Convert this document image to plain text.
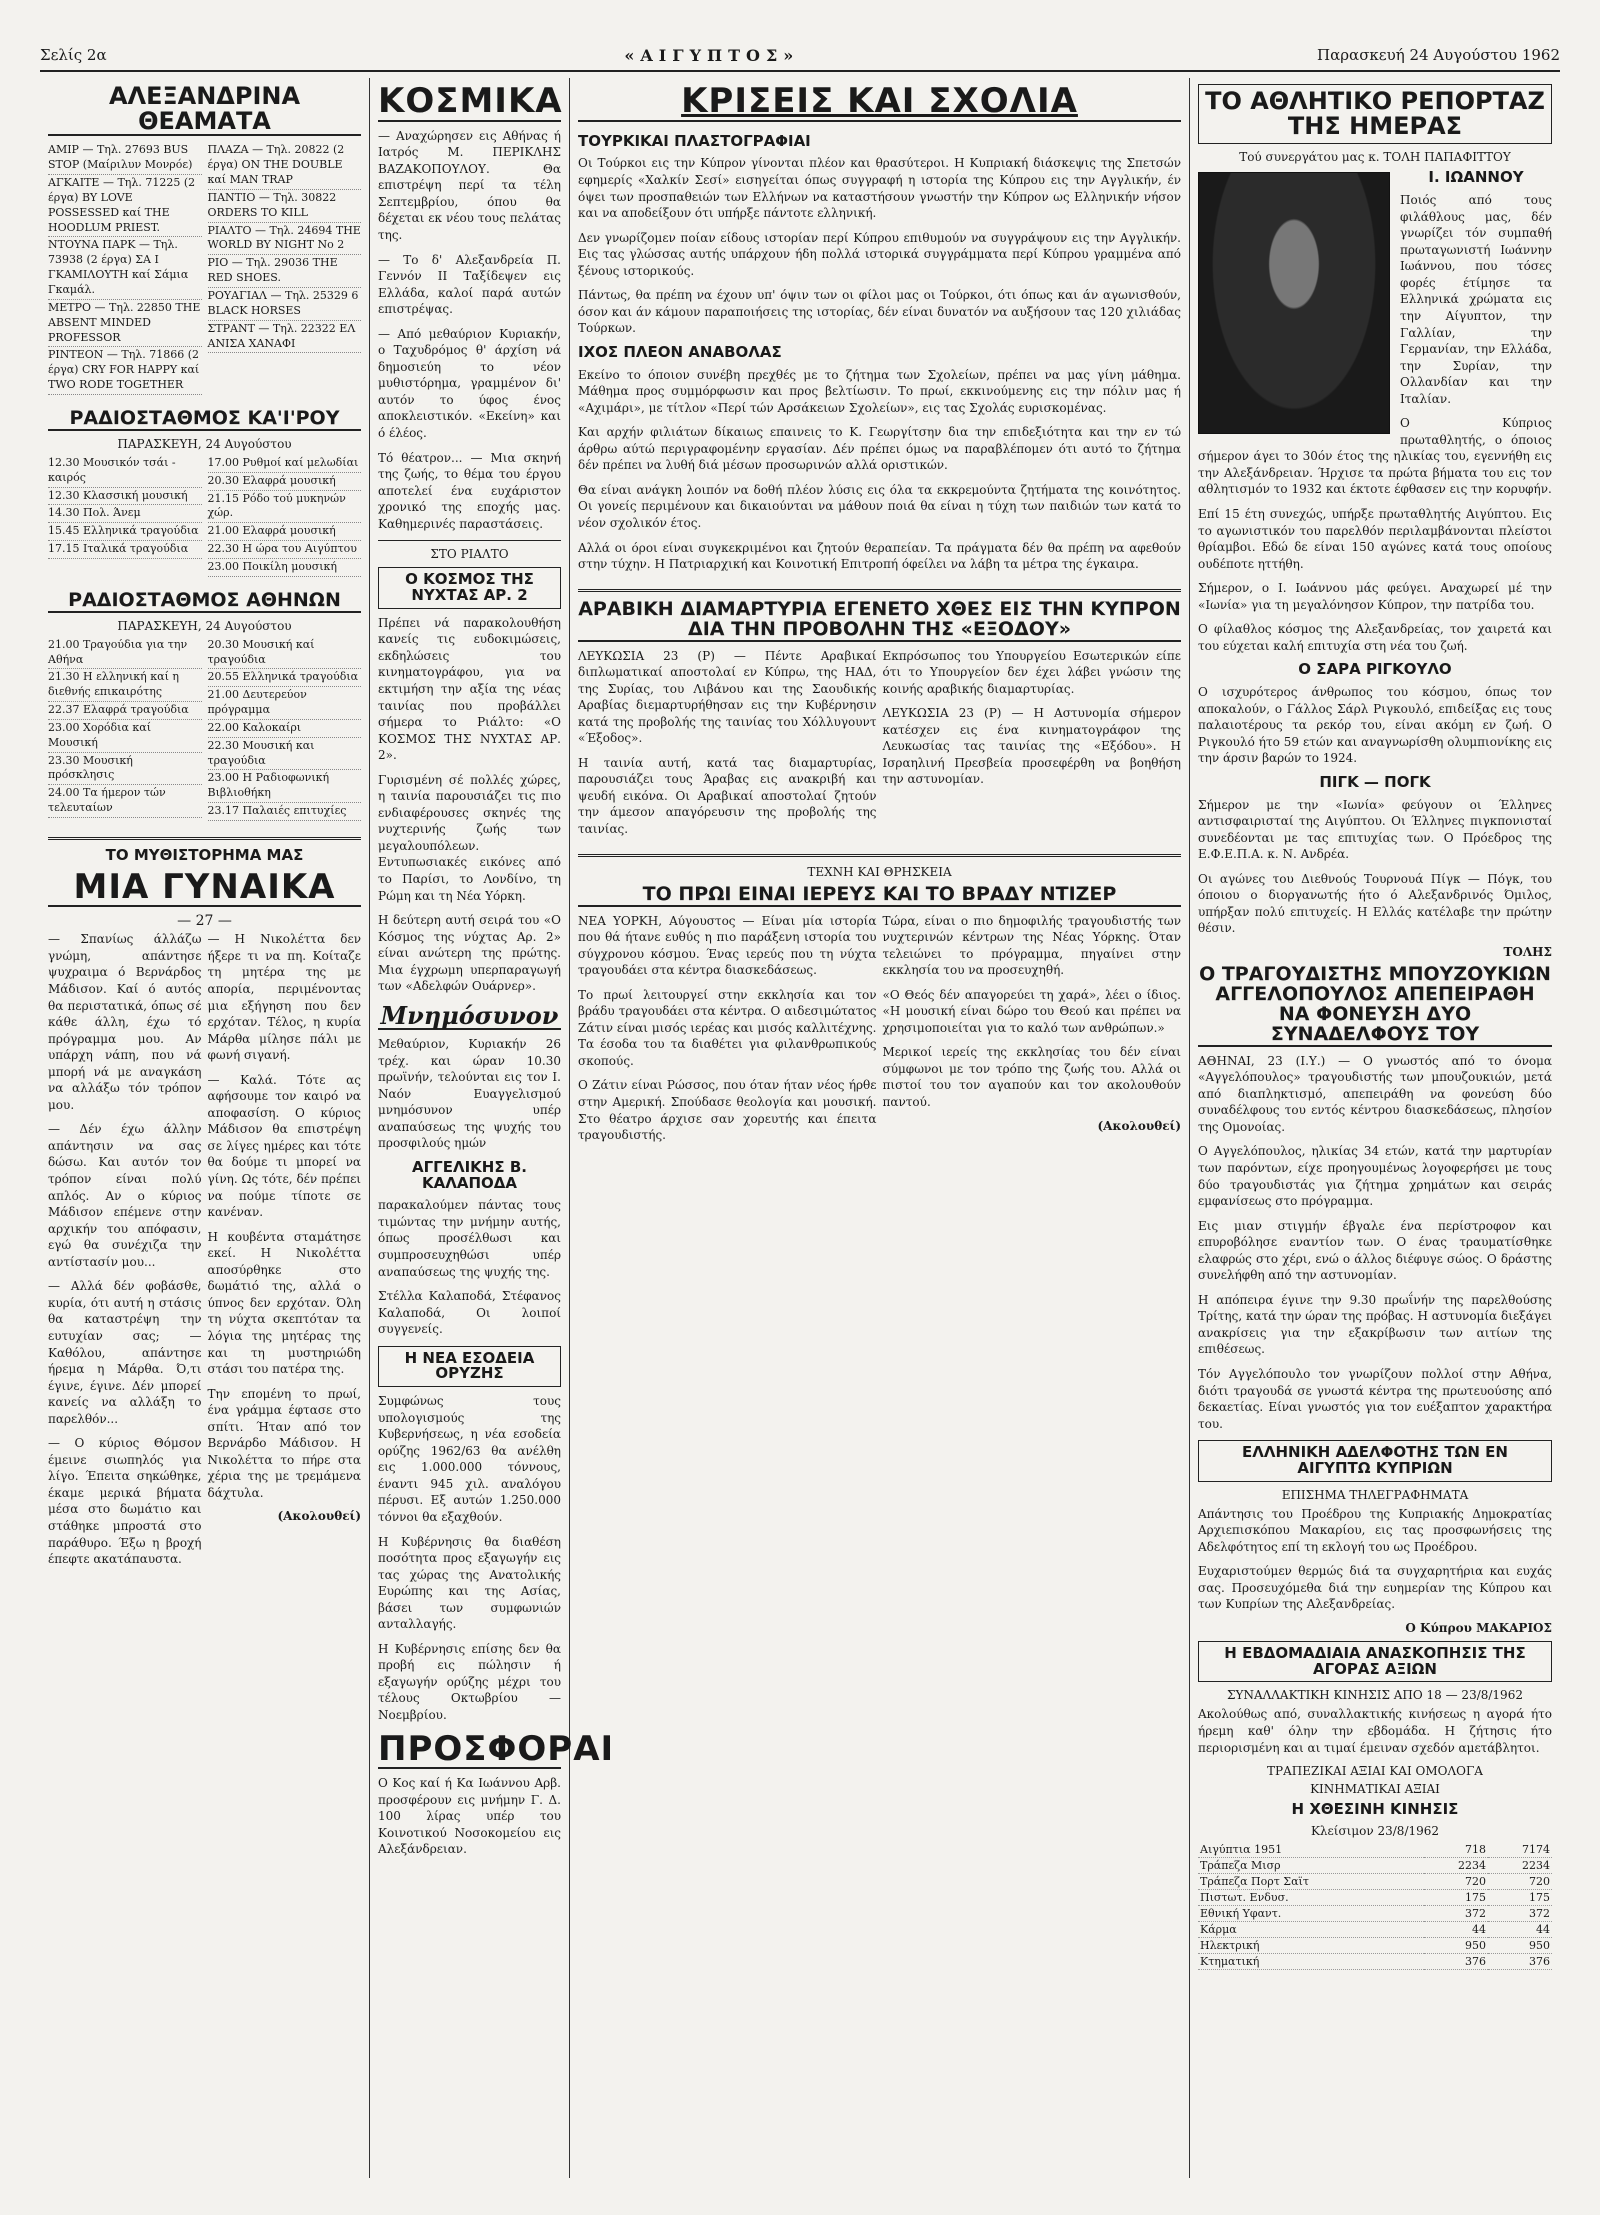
Σελίς 2α	«ΑΙΓΥΠΤΟΣ»	Παρασκευή 24 Αυγούστου 1962
ΑΛΕΞΑΝΔΡΙΝΑ ΘΕΑΜΑΤΑ
ΑΜΙΡ — Τηλ. 27693 BUS STOP (Μαίριλυν Μονρόε)
ΑΓΚΑΙΤΕ — Τηλ. 71225 (2 έργα) BY LOVE POSSESSED καί THE HOODLUM PRIEST.
ΝΤΟΥΝΑ ΠΑΡΚ — Τηλ. 73938 (2 έργα) ΣΑ Ι ΓΚΑΜΙΛΟΥΤΗ καί Σάμια Γκαμάλ.
ΜΕΤΡΟ — Τηλ. 22850 THE ABSENT MINDED PROFESSOR
ΡΙΝΤΕΟΝ — Τηλ. 71866 (2 έργα) CRY FOR HAPPY καί TWO RODE TOGETHER
ΠΛΑΖΑ — Τηλ. 20822 (2 έργα) ON THE DOUBLE καί MAN TRAP
ΠΑΝΤΙΟ — Τηλ. 30822 ORDERS TO KILL
ΡΙΑΛΤΟ — Τηλ. 24694 THE WORLD BY NIGHT No 2
ΡΙΟ — Τηλ. 29036 THE RED SHOES.
ΡΟΥΑΓΙΑΛ — Τηλ. 25329 6 BLACK HORSES
ΣΤΡΑΝΤ — Τηλ. 22322 ΕΛ ΑΝΙΣΑ ΧΑΝΑΦΙ
ΡΑΔΙΟΣΤΑΘΜΟΣ ΚΑ'Ι'ΡΟΥ
ΠΑΡΑΣΚΕΥΗ, 24 Αυγούστου
12.30 Μουσικόν τσάι - καιρός
12.30 Κλασσική μουσική
14.30 Πολ. Άνεμ
15.45 Ελληνικά τραγούδια
17.15 Ιταλικά τραγούδια
17.00 Ρυθμοί καί μελωδίαι
20.30 Ελαφρά μουσική
21.15 Ρόδο τού μυκηνών χώρ.
21.00 Ελαφρά μουσική
22.30 Η ώρα του Αιγύπτου
23.00 Ποικίλη μουσική
ΡΑΔΙΟΣΤΑΘΜΟΣ ΑΘΗΝΩΝ
ΠΑΡΑΣΚΕΥΗ, 24 Αυγούστου
21.00 Τραγούδια για την Αθήνα
21.30 Η ελληνική καί η διεθνής επικαιρότης
22.37 Ελαφρά τραγούδια
23.00 Χορόδια καί Μουσική
23.30 Μουσική πρόσκλησις
24.00 Τα ήμερον τών τελευταίων
20.30 Μουσική καί τραγούδια
20.55 Ελληνικά τραγούδια
21.00 Δευτερεύον πρόγραμμα
22.00 Καλοκαίρι
22.30 Μουσική και τραγούδια
23.00 Η Ραδιοφωνική Βιβλιοθήκη
23.17 Παλαιές επιτυχίες
ΤΟ ΜΥΘΙΣΤΟΡΗΜΑ ΜΑΣ
ΜΙΑ ΓΥΝΑΙΚΑ
— 27 —

— Σπανίως άλλάζω γνώμη, απάντησε ψυχραιμα ό Βερνάρδος Μάδισον. Καί ό αυτός θα περιστατικά, όπως σέ κάθε άλλη, έχω τό πρόγραμμα μου. Αν υπάρχη νάπη, που νά μπορή νά με αναγκάση να αλλάξω τόν τρόπον μου.

— Δέν έχω άλλην απάντησιν να σας δώσω. Και αυτόν τον τρόπον είναι πολύ απλός. Αν ο κύριος Μάδισον επέμενε στην αρχικήν του απόφασιν, εγώ θα συνέχιζα την αντίστασίν μου...

— Αλλά δέν φοβάσθε, κυρία, ότι αυτή η στάσις θα καταστρέψη την ευτυχίαν σας; — Καθόλου, απάντησε ήρεμα η Μάρθα. Ό,τι έγινε, έγινε. Δέν μπορεί κανείς να αλλάξη το παρελθόν...

— Ο κύριος Θόμσον έμεινε σιωπηλός για λίγο. Έπειτα σηκώθηκε, έκαμε μερικά βήματα μέσα στο δωμάτιο και στάθηκε μπροστά στο παράθυρο. Έξω η βροχή έπεφτε ακατάπαυστα.

— Η Νικολέττα δεν ήξερε τι να πη. Κοίταζε τη μητέρα της με απορία, περιμένοντας μια εξήγηση που δεν ερχόταν. Τέλος, η κυρία Μάρθα μίλησε πάλι με φωνή σιγανή.

— Καλά. Τότε ας αφήσουμε τον καιρό να αποφασίση. Ο κύριος Μάδισον θα επιστρέψη σε λίγες ημέρες και τότε θα δούμε τι μπορεί να γίνη. Ως τότε, δέν πρέπει να πούμε τίποτε σε κανέναν.

Η κουβέντα σταμάτησε εκεί. Η Νικολέττα αποσύρθηκε στο δωμάτιό της, αλλά ο ύπνος δεν ερχόταν. Όλη τη νύχτα σκεπτόταν τα λόγια της μητέρας της και τη μυστηριώδη στάσι του πατέρα της.

Την επομένη το πρωί, ένα γράμμα έφτασε στο σπίτι. Ήταν από τον Βερνάρδο Μάδισον. Η Νικολέττα το πήρε στα χέρια της με τρεμάμενα δάχτυλα.

(Ακολουθεί)
ΚΟΣΜΙΚΑ

— Αναχώρησεν εις Αθήνας ή Ιατρός Μ. ΠΕΡΙΚΛΗΣ ΒΑΖΑΚΟΠΟΥΛΟΥ. Θα επιστρέψη περί τα τέλη Σεπτεμβρίου, όπου θα δέχεται εκ νέου τους πελάτας της.

— Το δ' Αλεξανδρεία Π. Γεννόν ΙΙ Ταξίδεψεν εις Ελλάδα, καλοί παρά αυτών επιστρέψας.

— Από μεθαύριον Κυριακήν, ο Ταχυδρόμος θ' άρχίση νά δημοσιεύη το νέον μυθιστόρημα, γραμμένον δι' αυτόν το ύφος ένος αποκλειστικόν. «Εκείνη» και ό έλέος.

Τό θέατρον... — Μια σκηνή της ζωής, το θέμα του έργου αποτελεί ένα ευχάριστον χρονικό της εποχής μας. Καθημερινές παραστάσεις.

ΣΤΟ ΡΙΑΛΤΟ
Ο ΚΟΣΜΟΣ ΤΗΣ ΝΥΧΤΑΣ ΑΡ. 2

Πρέπει νά παρακολουθήση κανείς τις ευδοκιμώσεις, εκδηλώσεις του κινηματογράφου, για να εκτιμήση την αξία της νέας ταινίας που προβάλλει σήμερα το Ριάλτο: «Ο ΚΟΣΜΟΣ ΤΗΣ ΝΥΧΤΑΣ ΑΡ. 2».

Γυρισμένη σέ πολλές χώρες, η ταινία παρουσιάζει τις πιο ενδιαφέρουσες σκηνές της νυχτερινής ζωής των μεγαλουπόλεων. Εντυπωσιακές εικόνες από το Παρίσι, το Λονδίνο, τη Ρώμη και τη Νέα Υόρκη.

Η δεύτερη αυτή σειρά του «Ο Κόσμος της νύχτας Αρ. 2» είναι ανώτερη της πρώτης. Μια έγχρωμη υπερπαραγωγή των «Αδελφών Ουάρνερ».

Μνημόσυνον

Μεθαύριον, Κυριακήν 26 τρέχ. και ώραν 10.30 πρωϊνήν, τελούνται εις τον Ι. Ναόν Ευαγγελισμού μνημόσυνον υπέρ αναπαύσεως της ψυχής του προσφιλούς ημών

ΑΓΓΕΛΙΚΗΣ Β. ΚΑΛΑΠΟΔΑ

παρακαλούμεν πάντας τους τιμώντας την μνήμην αυτής, όπως προσέλθωσι και συμπροσευχηθώσι υπέρ αναπαύσεως της ψυχής της.

Στέλλα Καλαποδά, Στέφανος Καλαποδά, Οι λοιποί συγγενείς.

Η ΝΕΑ ΕΣΟΔΕΙΑ ΟΡΥΖΗΣ

Συμφώνως τους υπολογισμούς της Κυβερνήσεως, η νέα εσοδεία ορύζης 1962/63 θα ανέλθη εις 1.000.000 τόννους, έναντι 945 χιλ. αναλόγου πέρυσι. Εξ αυτών 1.250.000 τόννοι θα εξαχθούν.

Η Κυβέρνησις θα διαθέση ποσότητα προς εξαγωγήν εις τας χώρας της Ανατολικής Ευρώπης και της Ασίας, βάσει των συμφωνιών ανταλλαγής.

Η Κυβέρνησις επίσης δεν θα προβή εις πώλησιν ή εξαγωγήν ορύζης μέχρι του τέλους Οκτωβρίου — Νοεμβρίου.

ΠΡΟΣΦΟΡΑΙ

Ο Κος καί ή Κα Ιωάννου Αρβ. προσφέρουν εις μνήμην Γ. Δ. 100 λίρας υπέρ του Κοινοτικού Νοσοκομείου εις Αλεξάνδρειαν.

ΚΡΙΣΕΙΣ ΚΑΙ ΣΧΟΛΙΑ
ΤΟΥΡΚΙΚΑΙ ΠΛΑΣΤΟΓΡΑΦΙΑΙ

Οι Τούρκοι εις την Κύπρον γίνονται πλέον και θρασύτεροι. Η Κυπριακή διάσκεψις της Σπετσών εφημερίς «Χαλκίν Σεσί» εισηγείται όπως συγγραφή η ιστορία της Κύπρου εις την Αγγλικήν, έν όψει των προσπαθειών των Ελλήνων να καταστήσουν γνωστήν την Κύπρον ως Ελληνικήν νήσον και να αποδείξουν ότι υπήρξε πάντοτε ελληνική.

Δεν γνωρίζομεν ποίαν είδους ιστορίαν περί Κύπρου επιθυμούν να συγγράψουν εις την Αγγλικήν. Εις τας γλώσσας αυτής υπάρχουν ήδη πολλά ιστορικά συγγράμματα περί Κύπρου γραμμένα από ξένους ιστορικούς.

Πάντως, θα πρέπη να έχουν υπ' όψιν των οι φίλοι μας οι Τούρκοι, ότι όπως και άν αγωνισθούν, όσον και άν κάμουν παραποιήσεις της ιστορίας, δέν είναι δυνατόν να αυξήσουν τας 120 χιλιάδας Τούρκων.

ΙΧΟΣ ΠΛΕΟΝ ΑΝΑΒΟΛΑΣ

Εκείνο το όποιον συνέβη πρεχθές με το ζήτημα των Σχολείων, πρέπει να μας γίνη μάθημα. Μάθημα προς συμμόρφωσιν και προς βελτίωσιν. Το πρωί, εκκινούμενης εις την πόλιν μας ή «Αχιμάρι», με τίτλον «Περί τών Αρσάκειων Σχολείων», εις τας Σχολάς ευρισκομένας.

Και αρχήν φιλιάτων δίκαιως επαινεις το Κ. Γεωργίτσην δια την επιδεξιότητα και την εν τώ άρθρω αύτώ περιγραφομένην εργασίαν. Δέν πρέπει όμως να παραβλέπομεν ότι αυτό το ζήτημα δέν πρέπει να λυθή διά μέσων προσωρινών αλλά οριστικών.

Θα είναι ανάγκη λοιπόν να δοθή πλέον λύσις εις όλα τα εκκρεμούντα ζητήματα της κοινότητος. Οι γονείς περιμένουν και δικαιούνται να μάθουν ποιά θα είναι η τύχη των παιδιών των κατά το νέον σχολικόν έτος.

Αλλά οι όροι είναι συγκεκριμένοι και ζητούν θεραπείαν. Τα πράγματα δέν θα πρέπη να αφεθούν στην τύχην. Η Πατριαρχική και Κοινοτική Επιτροπή όφείλει να λάβη τα μέτρα της έγκαιρα.

ΑΡΑΒΙΚΗ ΔΙΑΜΑΡΤΥΡΙΑ ΕΓΕΝΕΤΟ ΧΘΕΣ ΕΙΣ ΤΗΝ ΚΥΠΡΟΝ ΔΙΑ ΤΗΝ ΠΡΟΒΟΛΗΝ ΤΗΣ «ΕΞΟΔΟΥ»

ΛΕΥΚΩΣΙΑ 23 (Ρ) — Πέντε Αραβικαί διπλωματικαί αποστολαί εν Κύπρω, της ΗΑΔ, της Συρίας, του Λιβάνου και της Σαουδικής Αραβίας διεμαρτυρήθησαν εις την Κυβέρνησιν κατά της προβολής της ταινίας του Χόλλυγουντ «Έξοδος».

Η ταινία αυτή, κατά τας διαμαρτυρίας, παρουσιάζει τους Άραβας εις ανακριβή και ψευδή εικόνα. Οι Αραβικαί αποστολαί ζητούν την άμεσον απαγόρευσιν της προβολής της ταινίας.

Εκπρόσωπος του Υπουργείου Εσωτερικών είπε ότι το Υπουργείον δεν έχει λάβει γνώσιν της κοινής αραβικής διαμαρτυρίας.

ΛΕΥΚΩΣΙΑ 23 (Ρ) — Η Αστυνομία σήμερον κατέσχεν εις ένα κινηματογράφον της Λευκωσίας τας ταινίας της «Εξόδου». Η Ισραηλινή Πρεσβεία προσεφέρθη να βοηθήση την αστυνομίαν.

ΤΕΧΝΗ ΚΑΙ ΘΡΗΣΚΕΙΑ
ΤΟ ΠΡΩΙ ΕΙΝΑΙ ΙΕΡΕΥΣ ΚΑΙ ΤΟ ΒΡΑΔΥ ΝΤΙΖΕΡ

ΝΕΑ ΥΟΡΚΗ, Αύγουστος — Είναι μία ιστορία που θά ήτανε ευθύς η πιο παράξενη ιστορία του σύγχρονου κόσμου. Ένας ιερεύς που τη νύχτα τραγουδάει στα κέντρα διασκεδάσεως.

Το πρωί λειτουργεί στην εκκλησία και τον βράδυ τραγουδάει στα κέντρα. Ο αιδεσιμώτατος Ζάτιν είναι μισός ιερέας και μισός καλλιτέχνης. Τα έσοδα του τα διαθέτει για φιλανθρωπικούς σκοπούς.

Ο Ζάτιν είναι Ρώσσος, που όταν ήταν νέος ήρθε στην Αμερική. Σπούδασε θεολογία και μουσική. Στο θέατρο άρχισε σαν χορευτής και έπειτα τραγουδιστής.

Τώρα, είναι ο πιο δημοφιλής τραγουδιστής των νυχτερινών κέντρων της Νέας Υόρκης. Όταν τελειώνει το πρόγραμμα, πηγαίνει στην εκκλησία του να προσευχηθή.

«Ο Θεός δέν απαγορεύει τη χαρά», λέει ο ίδιος. «Η μουσική είναι δώρο του Θεού και πρέπει να χρησιμοποιείται για το καλό των ανθρώπων.»

Μερικοί ιερείς της εκκλησίας του δέν είναι σύμφωνοι με τον τρόπο της ζωής του. Αλλά οι πιστοί του τον αγαπούν και τον ακολουθούν παντού.

(Ακολουθεί)
ΤΟ ΑΘΛΗΤΙΚΟ ΡΕΠΟΡΤΑΖ ΤΗΣ ΗΜΕΡΑΣ
Τού συνεργάτου μας κ. ΤΟΛΗ ΠΑΠΑΦΙΤΤΟΥ
Ι. ΙΩΑΝΝΟΥ

Ποιός από τους φιλάθλους μας, δέν γνωρίζει τόν συμπαθή πρωταγωνιστή Ιωάννην Ιωάννου, που τόσες φορές έτίμησε τα Ελληνικά χρώματα εις την Αίγυπτον, την Γαλλίαν, την Γερμανίαν, την Ελλάδα, την Συρίαν, την Ολλανδίαν και την Ιταλίαν.

Ο Κύπριος πρωταθλητής, ο όποιος σήμερον άγει το 30όν έτος της ηλικίας του, εγεννήθη εις την Αλεξάνδρειαν. Ήρχισε τα πρώτα βήματα του εις τον αθλητισμόν το 1932 και έκτοτε έφθασεν εις την κορυφήν.

Επί 15 έτη συνεχώς, υπήρξε πρωταθλητής Αιγύπτου. Εις το αγωνιστικόν του παρελθόν περιλαμβάνονται πλείστοι θρίαμβοι. Εδώ δε είναι 150 αγώνες κατά τους οποίους ουδέποτε ηττήθη.

Σήμερον, ο Ι. Ιωάννου μάς φεύγει. Αναχωρεί μέ την «Ιωνία» για τη μεγαλόνησον Κύπρον, την πατρίδα του.

Ο φίλαθλος κόσμος της Αλεξανδρείας, τον χαιρετά και του εύχεται καλή επιτυχία στη νέα του ζωή.

Ο ΣΑΡΑ ΡΙΓΚΟΥΛΟ

Ο ισχυρότερος άνθρωπος του κόσμου, όπως τον αποκαλούν, ο Γάλλος Σάρλ Ριγκουλό, επιδείξας εις τους παλαιοτέρους τα ρεκόρ του, είναι ακόμη εν ζωή. Ο Ριγκουλό ήτο 59 ετών και αναγνωρίσθη ολυμπιονίκης εις την άρσιν βαρών το 1924.

ΠΙΓΚ — ΠΟΓΚ

Σήμερον με την «Ιωνία» φεύγουν οι Έλληνες αντισφαιρισταί της Αιγύπτου. Οι Έλληνες πιγκπονισταί συνεδέονται με τας επιτυχίας των. Ο Πρόεδρος της Ε.Φ.Ε.Π.Α. κ. Ν. Ανδρέα.

Οι αγώνες του Διεθνούς Τουρνουά Πίγκ — Πόγκ, του όποιου ο διοργανωτής ήτο ό Αλεξανδρινός Όμιλος, υπήρξαν πολύ επιτυχείς. Η Ελλάς κατέλαβε την πρώτην θέσιν.

ΤΟΛΗΣ
Ο ΤΡΑΓΟΥΔΙΣΤΗΣ ΜΠΟΥΖΟΥΚΙΩΝ ΑΓΓΕΛΟΠΟΥΛΟΣ ΑΠΕΠΕΙΡΑΘΗ ΝΑ ΦΟΝΕΥΣΗ ΔΥΟ ΣΥΝΑΔΕΛΦΟΥΣ ΤΟΥ

ΑΘΗΝΑΙ, 23 (Ι.Υ.) — Ο γνωστός από το όνομα «Αγγελόπουλος» τραγουδιστής των μπουζουκιών, μετά από διαπληκτισμό, απεπειράθη να φονεύση δύο συναδέλφους του εντός κέντρου διασκεδάσεως, πλησίον της Ομονοίας.

Ο Αγγελόπουλος, ηλικίας 34 ετών, κατά την μαρτυρίαν των παρόντων, είχε προηγουμένως λογοφερήσει με τους δύο τραγουδιστάς για ζήτημα χρημάτων και σειράς εμφανίσεως στο πρόγραμμα.

Εις μιαν στιγμήν έβγαλε ένα περίστροφον και επυροβόλησε εναντίον των. Ο ένας τραυματίσθηκε ελαφρώς στο χέρι, ενώ ο άλλος διέφυγε σώος. Ο δράστης συνελήφθη από την αστυνομίαν.

Η απόπειρα έγινε την 9.30 πρωΐνήν της παρελθούσης Τρίτης, κατά την ώραν της πρόβας. Η αστυνομία διεξάγει ανακρίσεις για την εξακρίβωσιν των αιτίων της επιθέσεως.

Τόν Αγγελόπουλο τον γνωρίζουν πολλοί στην Αθήνα, διότι τραγουδά σε γνωστά κέντρα της πρωτευούσης από δεκαετίας. Είναι γνωστός για τον ευέξαπτον χαρακτήρα του.

ΕΛΛΗΝΙΚΗ ΑΔΕΛΦΟΤΗΣ ΤΩΝ ΕΝ ΑΙΓΥΠΤΩ ΚΥΠΡΙΩΝ
ΕΠΙΣΗΜΑ ΤΗΛΕΓΡΑΦΗΜΑΤΑ

Απάντησις του Προέδρου της Κυπριακής Δημοκρατίας Αρχιεπισκόπου Μακαρίου, εις τας προσφωνήσεις της Αδελφότητος επί τη εκλογή του ως Προέδρου.

Ευχαριστούμεν θερμώς διά τα συγχαρητήρια και ευχάς σας. Προσευχόμεθα διά την ευημερίαν της Κύπρου και των Κυπρίων της Αλεξανδρείας.

Ο Κύπρου ΜΑΚΑΡΙΟΣ
Η ΕΒΔΟΜΑΔΙΑΙΑ ΑΝΑΣΚΟΠΗΣΙΣ ΤΗΣ ΑΓΟΡΑΣ ΑΞΙΩΝ
ΣΥΝΑΛΛΑΚΤΙΚΗ ΚΙΝΗΣΙΣ ΑΠΟ 18 — 23/8/1962

Ακολούθως από, συναλλακτικής κινήσεως η αγορά ήτο ήρεμη καθ' όλην την εβδομάδα. Η ζήτησις ήτο περιορισμένη και αι τιμαί έμειναν σχεδόν αμετάβλητοι.

ΤΡΑΠΕΖΙΚΑΙ ΑΞΙΑΙ ΚΑΙ ΟΜΟΛΟΓΑ
ΚΙΝΗΜΑΤΙΚΑΙ ΑΞΙΑΙ
Η ΧΘΕΣΙΝΗ ΚΙΝΗΣΙΣ
Κλείσιμον 23/8/1962
Αιγύπτια 1951	718	7174
Τράπεζα Μισρ	2234	2234
Τράπεζα Πορτ Σαϊτ	720	720
Πιστωτ. Ενδυσ.	175	175
Εθνική Υφαντ.	372	372
Κάρμα	44	44
Ηλεκτρική	950	950
Κτηματική	376	376
